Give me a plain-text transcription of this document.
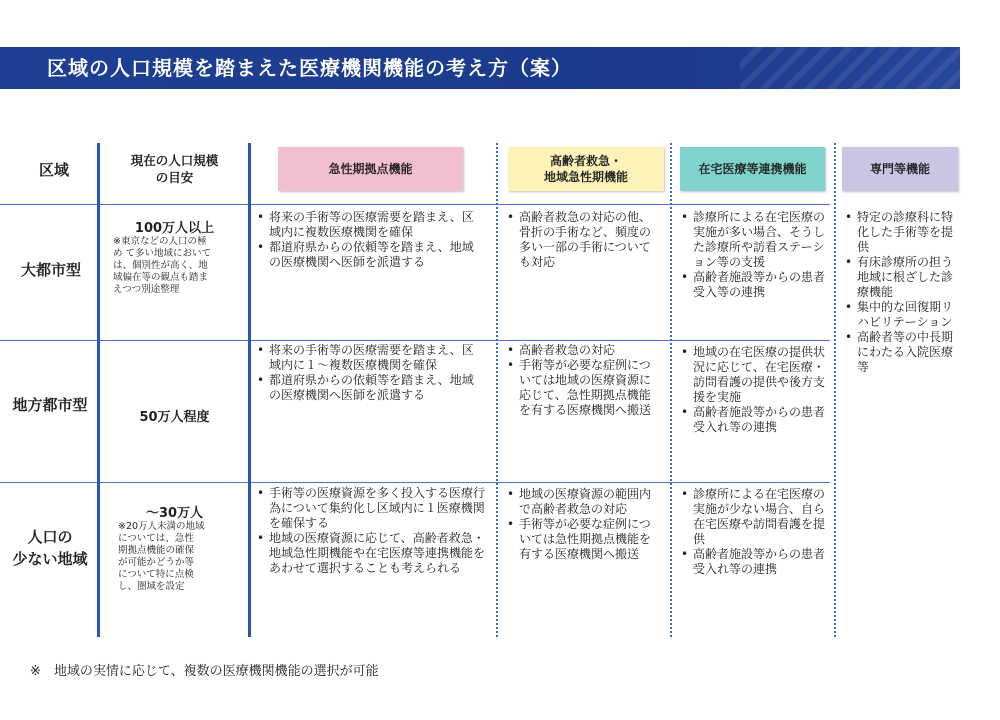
区域の人口規模を踏まえた医療機関機能の考え方（案）
区域
現在の人口規模
の目安
急性期拠点機能
高齢者救急・
地域急性期機能
在宅医療等連携機能	専門等機能
大都市型
100万人以上
※東京などの人口の極
め て多い地域において
は、個別性が高く、地
域偏在等の観点も踏ま
えつつ別途整理
• 将来の手術等の医療需要を踏まえ、区域内に複数医療機関を確保
• 都道府県からの依頼等を踏まえ、地域の医療機関へ医師を派遣する
• 高齢者救急の対応の他、骨折の手術など、頻度の多い一部の手術についても対応
• 診療所による在宅医療の実施が多い場合、そうした診療所や訪看ステーション等の支援
• 高齢者施設等からの患者受入等の連携
• 特定の診療科に特化した手術等を提供
• 有床診療所の担う地域に根ざした診療機能
• 集中的な回復期リハビリテーション
• 高齢者等の中長期にわたる入院医療　　等
地方都市型
50万人程度
• 将来の手術等の医療需要を踏まえ、区域内に１～複数医療機関を確保
• 都道府県からの依頼等を踏まえ、地域の医療機関へ医師を派遣する
• 高齢者救急の対応
• 手術等が必要な症例については地域の医療資源に応じて、急性期拠点機能を有する医療機関へ搬送
• 地域の在宅医療の提供状況に応じて、在宅医療・訪問看護の提供や後方支援を実施
• 高齢者施設等からの患者受入れ等の連携
人口の
少ない地域
～30万人
※20万人未満の地域
については、急性
期拠点機能の確保
が可能かどうか等
について特に点検
し、圏域を設定
• 手術等の医療資源を多く投入する医療行為について集約化し区域内に１医療機関を確保する
• 地域の医療資源に応じて、高齢者救急・地域急性期機能や在宅医療等連携機能をあわせて選択することも考えられる
• 地域の医療資源の範囲内で高齢者救急の対応
• 手術等が必要な症例については急性期拠点機能を有する医療機関へ搬送
• 診療所による在宅医療の実施が少ない場合、自ら在宅医療や訪問看護を提供
• 高齢者施設等からの患者受入れ等の連携
※　地域の実情に応じて、複数の医療機関機能の選択が可能
